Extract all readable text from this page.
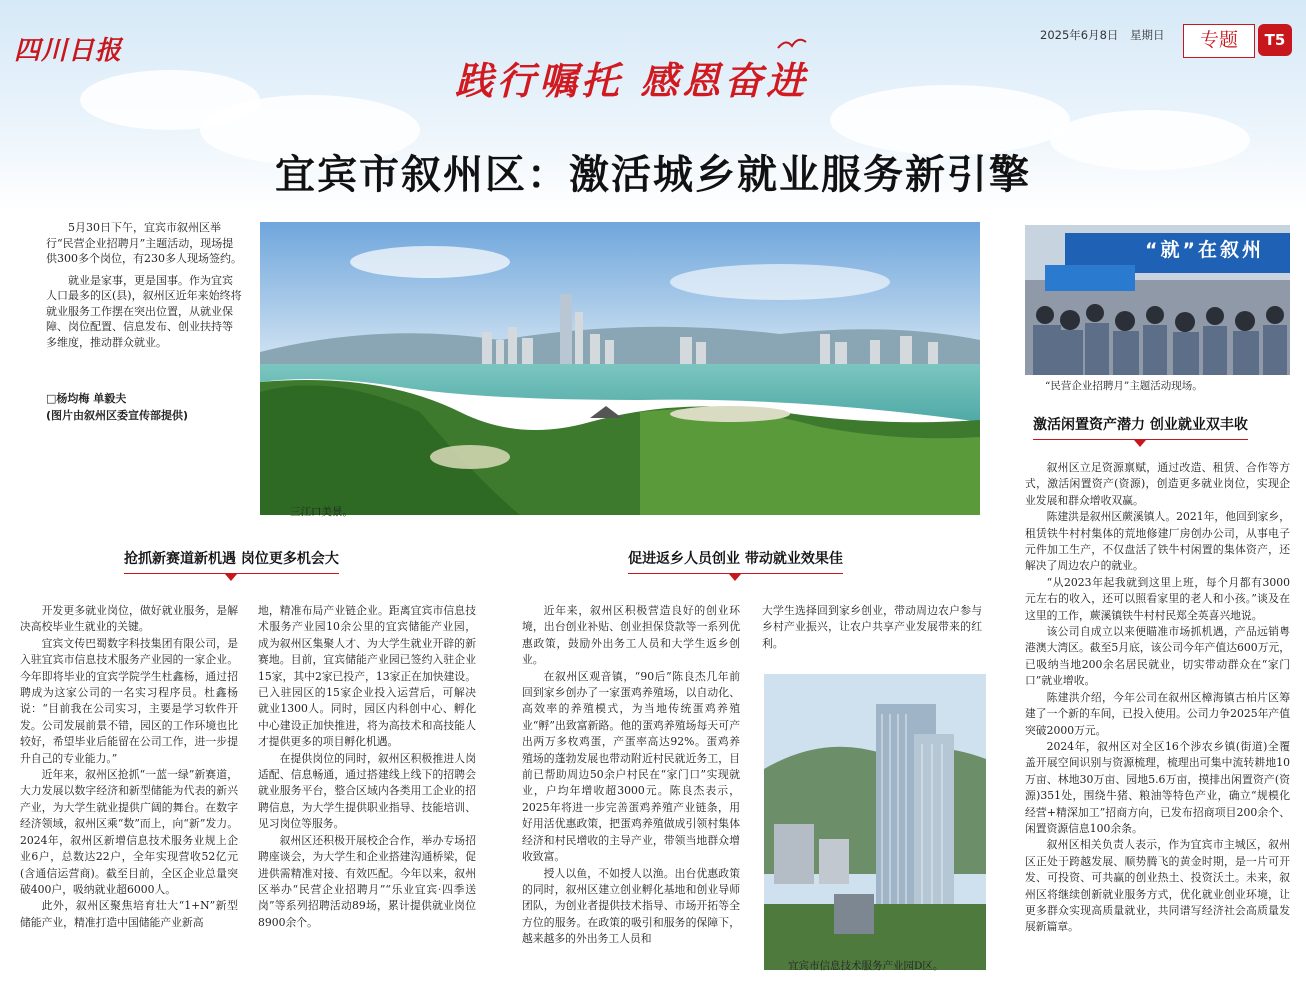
四川日报
2025年6月8日 星期日	专题	T5
践行嘱托 感恩奋进
宜宾市叙州区：激活城乡就业服务新引擎

5月30日下午，宜宾市叙州区举行“民营企业招聘月”主题活动，现场提供300多个岗位，有230多人现场签约。

就业是家事，更是国事。作为宜宾人口最多的区(县)，叙州区近年来始终将就业服务工作摆在突出位置，从就业保障、岗位配置、信息发布、创业扶持等多维度，推动群众就业。

□杨均梅 单毅夫
(图片由叙州区委宣传部提供)
三江口美景。
“就”在叙州
“民营企业招聘月”主题活动现场。
宜宾市信息技术服务产业园D区。
抢抓新赛道新机遇 岗位更多机会大	促进返乡人员创业 带动就业效果佳
激活闲置资产潜力 创业就业双丰收

开发更多就业岗位，做好就业服务，是解决高校毕业生就业的关键。

宜宾文传巴蜀数字科技集团有限公司，是入驻宜宾市信息技术服务产业园的一家企业。今年即将毕业的宜宾学院学生杜鑫杨，通过招聘成为这家公司的一名实习程序员。杜鑫杨说：“目前我在公司实习，主要是学习软件开发。公司发展前景不错，园区的工作环境也比较好，希望毕业后能留在公司工作，进一步提升自己的专业能力。”

近年来，叙州区抢抓“一蓝一绿”新赛道，大力发展以数字经济和新型储能为代表的新兴产业，为大学生就业提供广阔的舞台。在数字经济领域，叙州区乘“数”而上，向“新”发力。2024年，叙州区新增信息技术服务业规上企业6户，总数达22户，全年实现营收52亿元(含通信运营商)。截至目前，全区企业总量突破400户，吸纳就业超6000人。

此外，叙州区聚焦培育壮大“1+N”新型储能产业，精准打造中国储能产业新高

地，精准布局产业链企业。距离宜宾市信息技术服务产业园10余公里的宜宾储能产业园，成为叙州区集聚人才、为大学生就业开辟的新赛地。目前，宜宾储能产业园已签约入驻企业15家，其中2家已投产，13家正在加快建设。已入驻园区的15家企业投入运营后，可解决就业1300人。同时，园区内科创中心、孵化中心建设正加快推进，将为高技术和高技能人才提供更多的项目孵化机遇。

在提供岗位的同时，叙州区积极推进人岗适配、信息畅通，通过搭建线上线下的招聘会就业服务平台，整合区域内各类用工企业的招聘信息，为大学生提供职业指导、技能培训、见习岗位等服务。

叙州区还积极开展校企合作，举办专场招聘座谈会，为大学生和企业搭建沟通桥梁，促进供需精准对接、有效匹配。今年以来，叙州区举办“民营企业招聘月”“乐业宜宾·四季送岗”等系列招聘活动89场，累计提供就业岗位8900余个。

近年来，叙州区积极营造良好的创业环境，出台创业补贴、创业担保贷款等一系列优惠政策，鼓励外出务工人员和大学生返乡创业。

在叙州区观音镇，“90后”陈良杰几年前回到家乡创办了一家蛋鸡养殖场，以自动化、高效率的养殖模式，为当地传统蛋鸡养殖业“孵”出致富新路。他的蛋鸡养殖场每天可产出两万多枚鸡蛋，产蛋率高达92%。蛋鸡养殖场的蓬勃发展也带动附近村民就近务工，目前已帮助周边50余户村民在“家门口”实现就业，户均年增收超3000元。陈良杰表示，2025年将进一步完善蛋鸡养殖产业链条，用好用活优惠政策，把蛋鸡养殖做成引领村集体经济和村民增收的主导产业，带领当地群众增收致富。

授人以鱼，不如授人以渔。出台优惠政策的同时，叙州区建立创业孵化基地和创业导师团队，为创业者提供技术指导、市场开拓等全方位的服务。在政策的吸引和服务的保障下，越来越多的外出务工人员和

大学生选择回到家乡创业，带动周边农户参与乡村产业振兴，让农户共享产业发展带来的红利。

叙州区立足资源禀赋，通过改造、租赁、合作等方式，激活闲置资产(资源)，创造更多就业岗位，实现企业发展和群众增收双赢。

陈建洪是叙州区蕨溪镇人。2021年，他回到家乡，租赁铁牛村村集体的荒地修建厂房创办公司，从事电子元件加工生产，不仅盘活了铁牛村闲置的集体资产，还解决了周边农户的就业。

“从2023年起我就到这里上班，每个月都有3000元左右的收入，还可以照看家里的老人和小孩。”谈及在这里的工作，蕨溪镇铁牛村村民郑全英喜兴地说。

该公司自成立以来便瞄准市场抓机遇，产品远销粤港澳大湾区。截至5月底，该公司今年产值达600万元，已吸纳当地200余名居民就业，切实带动群众在“家门口”就业增收。

陈建洪介绍，今年公司在叙州区樟海镇古柏片区筹建了一个新的车间，已投入使用。公司力争2025年产值突破2000万元。

2024年，叙州区对全区16个涉农乡镇(街道)全覆盖开展空间识别与资源梳理，梳理出可集中流转耕地10万亩、林地30万亩、园地5.6万亩，摸排出闲置资产(资源)351处，围绕牛猪、粮油等特色产业，确立“规模化经营+精深加工”招商方向，已发布招商项目200余个、闲置资源信息100余条。

叙州区相关负责人表示，作为宜宾市主城区，叙州区正处于跨越发展、顺势腾飞的黄金时期，是一片可开发、可投资、可共赢的创业热土、投资沃土。未来，叙州区将继续创新就业服务方式，优化就业创业环境，让更多群众实现高质量就业，共同谱写经济社会高质量发展新篇章。
